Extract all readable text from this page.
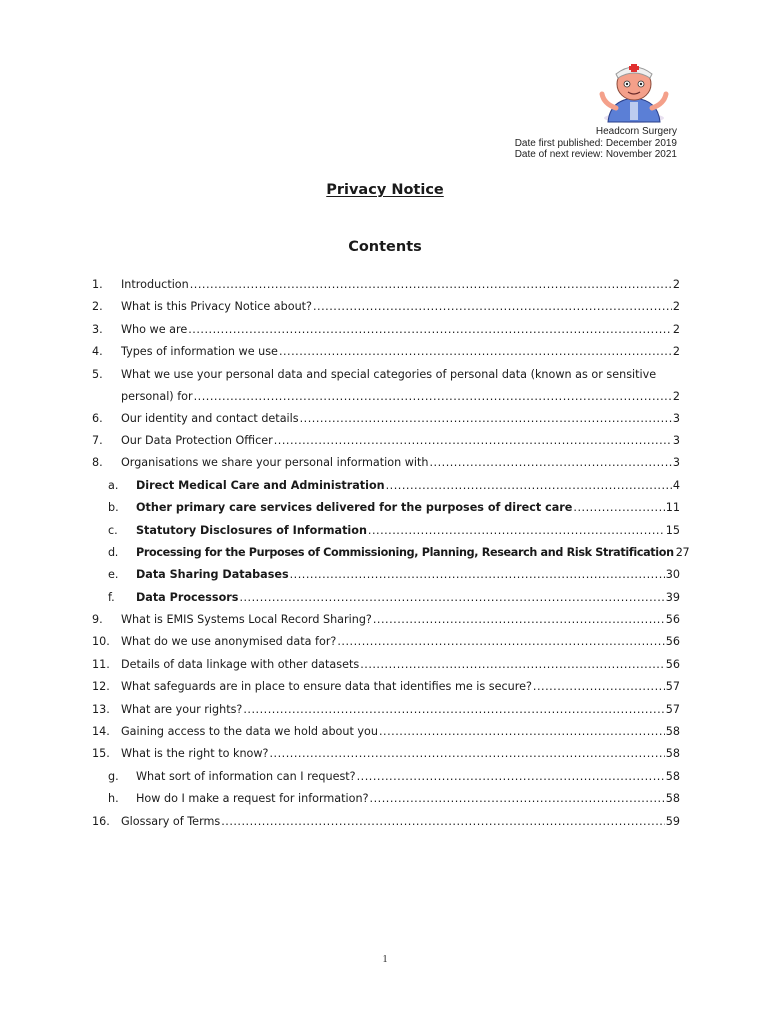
Headcorn Surgery
Date first published: December 2019
Date of next review: November 2021
Privacy Notice
Contents
1.	Introduction .....	2
2.	What is this Privacy Notice about? .....	2
3.	Who we are .....	2
4.	Types of information we use .....	2
5.	What we use your personal data and special categories of personal data (known as or sensitive
personal) for .....	2
6.	Our identity and contact details .....	3
7.	Our Data Protection Officer .....	3
8.	Organisations we share your personal information with .....	3
a.	Direct Medical Care and Administration .....	4
b.	Other primary care services delivered for the purposes of direct care .....	11
c.	Statutory Disclosures of Information .....	15
d.	Processing for the Purposes of Commissioning, Planning, Research and Risk Stratification 27
e.	Data Sharing Databases .....	30
f.	Data Processors .....	39
9.	What is EMIS Systems Local Record Sharing? .....	56
10.	What do we use anonymised data for? .....	56
11.	Details of data linkage with other datasets .....	56
12.	What safeguards are in place to ensure data that identifies me is secure? .....	57
13.	What are your rights? .....	57
14.	Gaining access to the data we hold about you .....	58
15.	What is the right to know? .....	58
g.	What sort of information can I request? .....	58
h.	How do I make a request for information? .....	58
16.	Glossary of Terms .....	59
1
